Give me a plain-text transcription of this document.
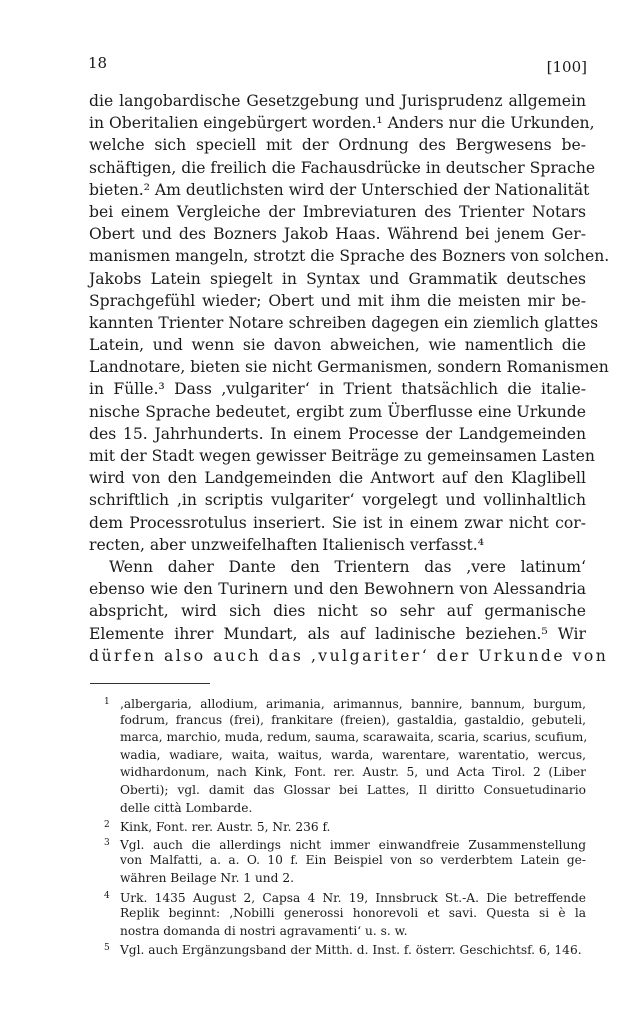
18	[100]
die langobardische Gesetzgebung und Jurisprudenz allgemein
in Oberitalien eingebürgert worden.¹ Anders nur die Urkunden,
welche sich speciell mit der Ordnung des Bergwesens be-
schäftigen, die freilich die Fachausdrücke in deutscher Sprache
bieten.² Am deutlichsten wird der Unterschied der Nationalität
bei einem Vergleiche der Imbreviaturen des Trienter Notars
Obert und des Bozners Jakob Haas. Während bei jenem Ger-
manismen mangeln, strotzt die Sprache des Bozners von solchen.
Jakobs Latein spiegelt in Syntax und Grammatik deutsches
Sprachgefühl wieder; Obert und mit ihm die meisten mir be-
kannten Trienter Notare schreiben dagegen ein ziemlich glattes
Latein, und wenn sie davon abweichen, wie namentlich die
Landnotare, bieten sie nicht Germanismen, sondern Romanismen
in Fülle.³ Dass ‚vulgariter‘ in Trient thatsächlich die italie-
nische Sprache bedeutet, ergibt zum Überflusse eine Urkunde
des 15. Jahrhunderts. In einem Processe der Landgemeinden
mit der Stadt wegen gewisser Beiträge zu gemeinsamen Lasten
wird von den Landgemeinden die Antwort auf den Klaglibell
schriftlich ‚in scriptis vulgariter‘ vorgelegt und vollinhaltlich
dem Processrotulus inseriert. Sie ist in einem zwar nicht cor-
recten, aber unzweifelhaften Italienisch verfasst.⁴
Wenn daher Dante den Trientern das ‚vere latinum‘
ebenso wie den Turinern und den Bewohnern von Alessandria
abspricht, wird sich dies nicht so sehr auf germanische
Elemente ihrer Mundart, als auf ladinische beziehen.⁵ Wir
dürfen also auch das ‚vulgariter‘ der Urkunde von
1 ‚albergaria, allodium, arimania, arimannus, bannire, bannum, burgum,
fodrum, francus (frei), frankitare (freien), gastaldia, gastaldio, gebuteli,
marca, marchio, muda, redum, sauma, scarawaita, scaria, scarius, scufium,
wadia, wadiare, waita, waitus, warda, warentare, warentatio, wercus,
widhardonum, nach Kink, Font. rer. Austr. 5, und Acta Tirol. 2 (Liber
Oberti); vgl. damit das Glossar bei Lattes, Il diritto Consuetudinario
delle città Lombarde.
2 Kink, Font. rer. Austr. 5, Nr. 236 f.
3 Vgl. auch die allerdings nicht immer einwandfreie Zusammenstellung
von Malfatti, a. a. O. 10 f. Ein Beispiel von so verderbtem Latein ge-
währen Beilage Nr. 1 und 2.
4 Urk. 1435 August 2, Capsa 4 Nr. 19, Innsbruck St.-A. Die betreffende
Replik beginnt: ‚Nobilli generossi honorevoli et savi. Questa si è la
nostra domanda di nostri agravamenti‘ u. s. w.
5 Vgl. auch Ergänzungsband der Mitth. d. Inst. f. österr. Geschichtsf. 6, 146.
